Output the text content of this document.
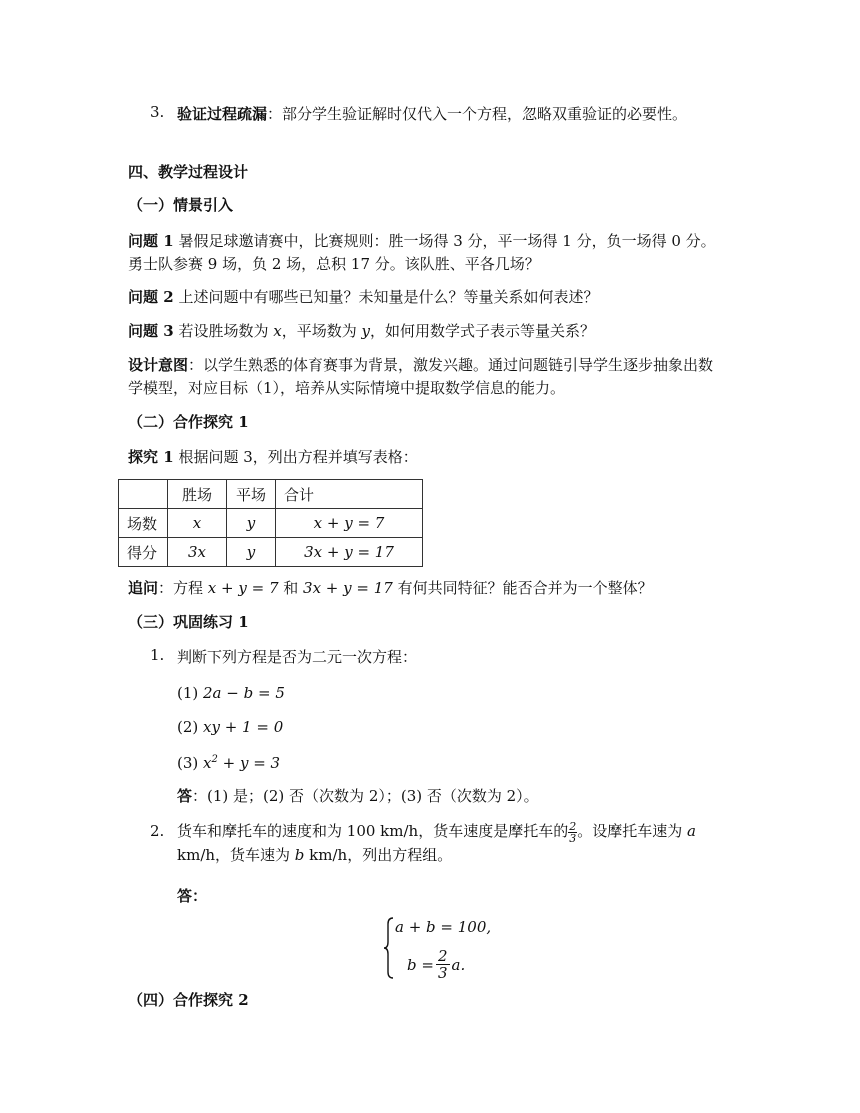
3. 验证过程疏漏：部分学生验证解时仅代入一个方程，忽略双重验证的必要性。
四、教学过程设计
（一）情景引入
问题 1 暑假足球邀请赛中，比赛规则：胜一场得 3 分，平一场得 1 分，负一场得 0 分。勇士队参赛 9 场，负 2 场，总积 17 分。该队胜、平各几场？
问题 2 上述问题中有哪些已知量？未知量是什么？等量关系如何表述？
问题 3 若设胜场数为 x，平场数为 y，如何用数学式子表示等量关系？
设计意图：以学生熟悉的体育赛事为背景，激发兴趣。通过问题链引导学生逐步抽象出数学模型，对应目标（1），培养从实际情境中提取数学信息的能力。
（二）合作探究 1
探究 1 根据问题 3，列出方程并填写表格：
	胜场	平场	合计
场数	x	y	x + y = 7
得分	3x	y	3x + y = 17
追问：方程 x + y = 7 和 3x + y = 17 有何共同特征？能否合并为一个整体？
（三）巩固练习 1
1. 判断下列方程是否为二元一次方程：
(1) 2a − b = 5
(2) xy + 1 = 0
(3) $x^2 + y = 3$
答：(1) 是；(2) 否（次数为 2）；(3) 否（次数为 2）。
2. 货车和摩托车的速度和为 100 km/h，货车速度是摩托车的 $\frac{2}{3}$ 。设摩托车速为 a km/h，货车速为 b km/h，列出方程组。
答：
a + b = 100,
$b = \frac{2}{3} a$.
（四）合作探究 2
